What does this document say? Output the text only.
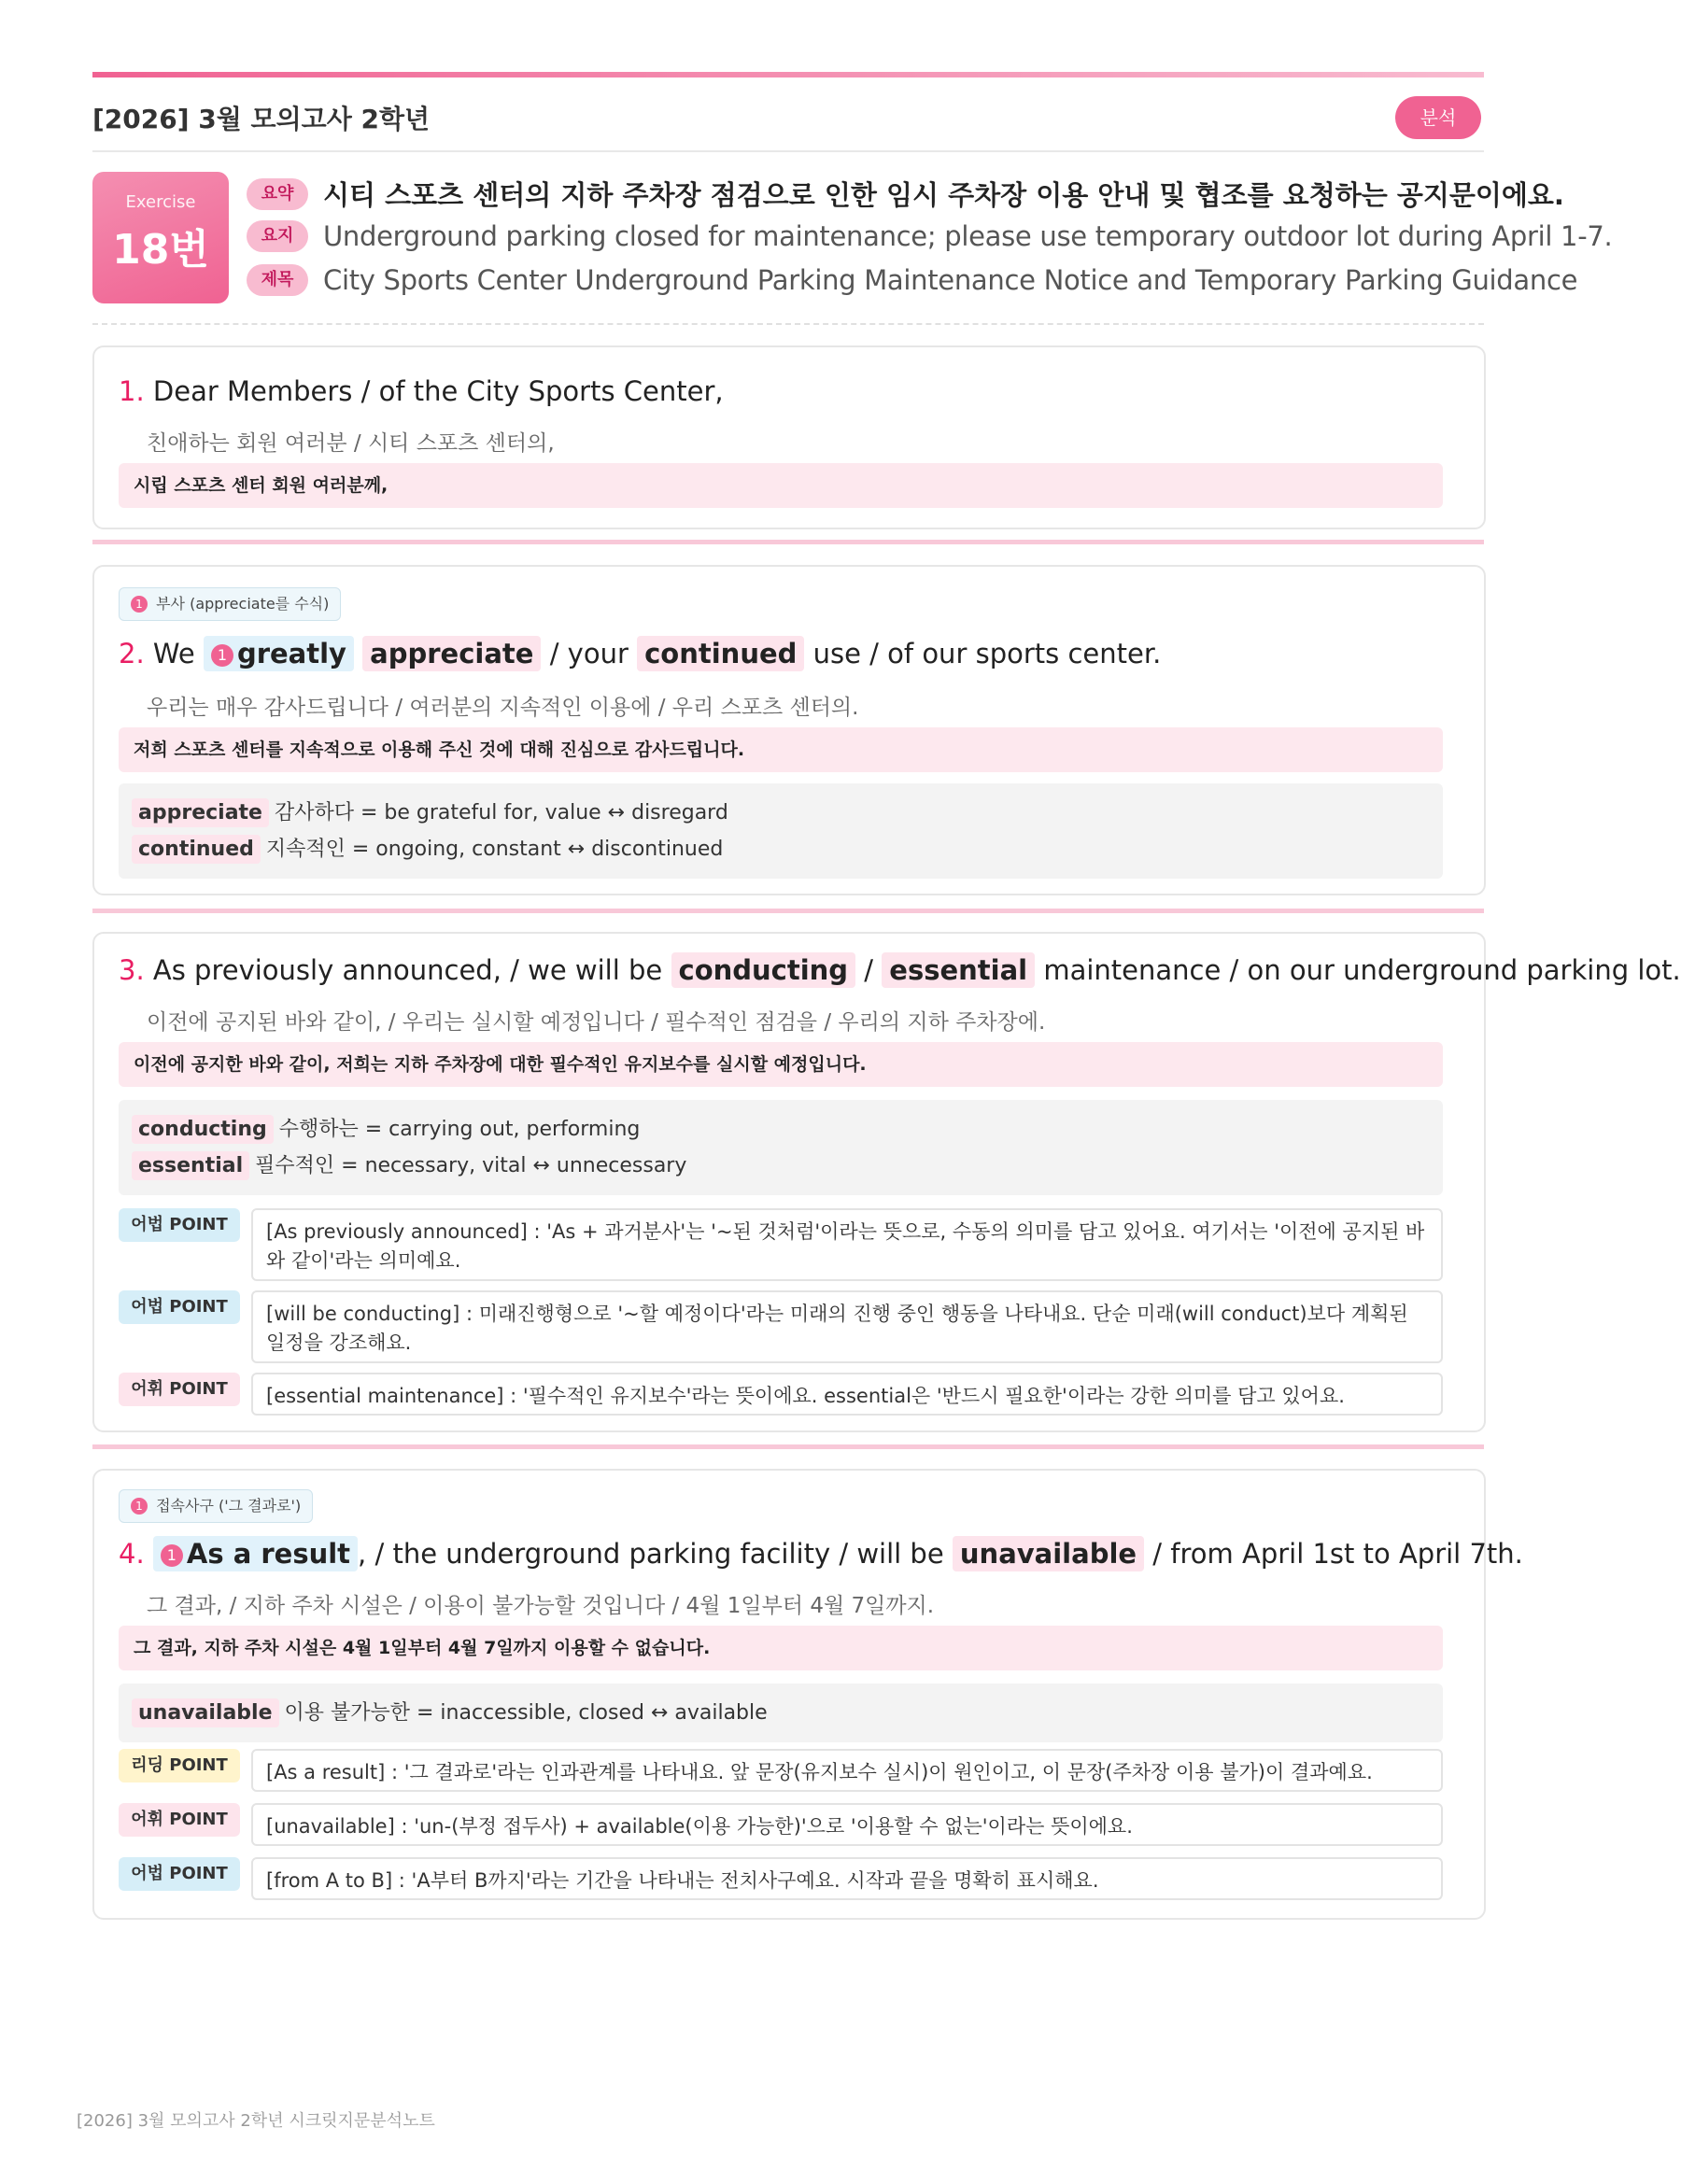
[2026] 3월 모의고사 2학년	분석
Exercise
18번
요약	시티 스포츠 센터의 지하 주차장 점검으로 인한 임시 주차장 이용 안내 및 협조를 요청하는 공지문이에요.
요지	Underground parking closed for maintenance; please use temporary outdoor lot during April 1-7.
제목	City Sports Center Underground Parking Maintenance Notice and Temporary Parking Guidance
1. Dear Members / of the City Sports Center,
친애하는 회원 여러분 / 시티 스포츠 센터의,
시립 스포츠 센터 회원 여러분께,
1 부사 (appreciate를 수식)
2. We 1 greatly appreciate / your continued use / of our sports center.
우리는 매우 감사드립니다 / 여러분의 지속적인 이용에 / 우리 스포츠 센터의.
저희 스포츠 센터를 지속적으로 이용해 주신 것에 대해 진심으로 감사드립니다.
appreciate 감사하다 = be grateful for, value ↔ disregard
continued 지속적인 = ongoing, constant ↔ discontinued
3. As previously announced, / we will be conducting / essential maintenance / on our underground parking lot.
이전에 공지된 바와 같이, / 우리는 실시할 예정입니다 / 필수적인 점검을 / 우리의 지하 주차장에.
이전에 공지한 바와 같이, 저희는 지하 주차장에 대한 필수적인 유지보수를 실시할 예정입니다.
conducting 수행하는 = carrying out, performing
essential 필수적인 = necessary, vital ↔ unnecessary
어법 POINT	[As previously announced] : 'As + 과거분사'는 '~된 것처럼'이라는 뜻으로, 수동의 의미를 담고 있어요. 여기서는 '이전에 공지된 바와 같이'라는 의미예요.
어법 POINT	[will be conducting] : 미래진행형으로 '~할 예정이다'라는 미래의 진행 중인 행동을 나타내요. 단순 미래(will conduct)보다 계획된 일정을 강조해요.
어휘 POINT	[essential maintenance] : '필수적인 유지보수'라는 뜻이에요. essential은 '반드시 필요한'이라는 강한 의미를 담고 있어요.
1 접속사구 ('그 결과로')
4. 1 As a result , / the underground parking facility / will be unavailable / from April 1st to April 7th.
그 결과, / 지하 주차 시설은 / 이용이 불가능할 것입니다 / 4월 1일부터 4월 7일까지.
그 결과, 지하 주차 시설은 4월 1일부터 4월 7일까지 이용할 수 없습니다.
unavailable 이용 불가능한 = inaccessible, closed ↔ available
리딩 POINT	[As a result] : '그 결과로'라는 인과관계를 나타내요. 앞 문장(유지보수 실시)이 원인이고, 이 문장(주차장 이용 불가)이 결과예요.
어휘 POINT	[unavailable] : 'un-(부정 접두사) + available(이용 가능한)'으로 '이용할 수 없는'이라는 뜻이에요.
어법 POINT	[from A to B] : 'A부터 B까지'라는 기간을 나타내는 전치사구예요. 시작과 끝을 명확히 표시해요.
[2026] 3월 모의고사 2학년 시크릿지문분석노트
